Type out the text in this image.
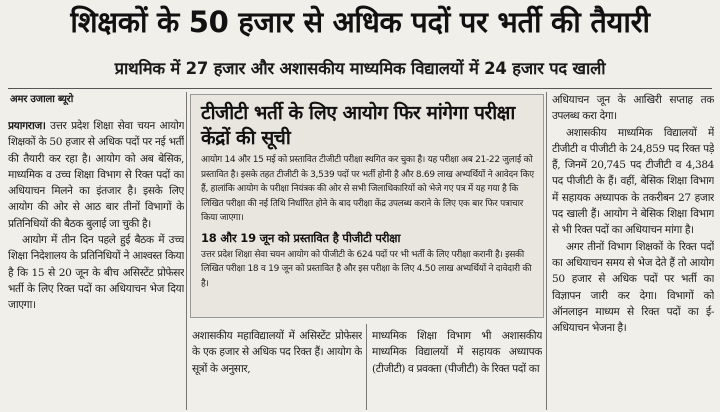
शिक्षकों के 50 हजार से अधिक पदों पर भर्ती की तैयारी
प्राथमिक में 27 हजार और अशासकीय माध्यमिक विद्यालयों में 24 हजार पद खाली
अमर उजाला ब्यूरो

प्रयागराज। उत्तर प्रदेश शिक्षा सेवा चयन आयोग शिक्षकों के 50 हजार से अधिक पदों पर नई भर्ती की तैयारी कर रहा है। आयोग को अब बेसिक, माध्यमिक व उच्च शिक्षा विभाग से रिक्त पदों का अधियाचन मिलने का इंतजार है। इसके लिए आयोग की ओर से आठ बार तीनों विभागों के प्रतिनिधियों की बैठक बुलाई जा चुकी है।

आयोग में तीन दिन पहले हुई बैठक में उच्च शिक्षा निदेशालय के प्रतिनिधियों ने आश्वस्त किया है कि 15 से 20 जून के बीच असिस्टेंट प्रोफेसर भर्ती के लिए रिक्त पदों का अधियाचन भेज दिया जाएगा।

टीजीटी भर्ती के लिए आयोग फिर मांगेगा परीक्षा केंद्रों की सूची
आयोग 14 और 15 मई को प्रस्तावित टीजीटी परीक्षा स्थगित कर चुका है। यह परीक्षा अब 21-22 जुलाई को प्रस्तावित है। इसके तहत टीजीटी के 3,539 पदों पर भर्ती होनी है और 8.69 लाख अभ्यर्थियों ने आवेदन किए हैं, हालांकि आयोग के परीक्षा नियंत्रक की ओर से सभी जिलाधिकारियों को भेजे गए पत्र में यह गया है कि लिखित परीक्षा की नई तिथि निर्धारित होने के बाद परीक्षा केंद्र उपलब्ध कराने के लिए एक बार फिर पत्राचार किया जाएगा।
18 और 19 जून को प्रस्तावित है पीजीटी परीक्षा
उत्तर प्रदेश शिक्षा सेवा चयन आयोग को पीजीटी के 624 पदों पर भी भर्ती के लिए परीक्षा करानी है। इसकी लिखित परीक्षा 18 व 19 जून को प्रस्तावित है और इस परीक्षा के लिए 4.50 लाख अभ्यर्थियों ने दावेदारी की है।
अशासकीय महाविद्यालयों में असिस्टेंट प्रोफेसर के एक हजार से अधिक पद रिक्त हैं। आयोग के सूत्रों के अनुसार,
माध्यमिक शिक्षा विभाग भी अशासकीय माध्यमिक विद्यालयों में सहायक अध्यापक (टीजीटी) व प्रवक्ता (पीजीटी) के रिक्त पदों का

अधियाचन जून के आखिरी सप्ताह तक उपलब्ध करा देगा।

अशासकीय माध्यमिक विद्यालयों में टीजीटी व पीजीटी के 24,859 पद रिक्त पड़े हैं, जिनमें 20,745 पद टीजीटी व 4,384 पद पीजीटी के हैं। वहीं, बेसिक शिक्षा विभाग में सहायक अध्यापक के तकरीबन 27 हजार पद खाली हैं। आयोग ने बेसिक शिक्षा विभाग से भी रिक्त पदों का अधियाचन मांगा है।

अगर तीनों विभाग शिक्षकों के रिक्त पदों का अधियाचन समय से भेज देते हैं तो आयोग 50 हजार से अधिक पदों पर भर्ती का विज्ञापन जारी कर देगा। विभागों को ऑनलाइन माध्यम से रिक्त पदों का ई-अधियाचन भेजना है।
